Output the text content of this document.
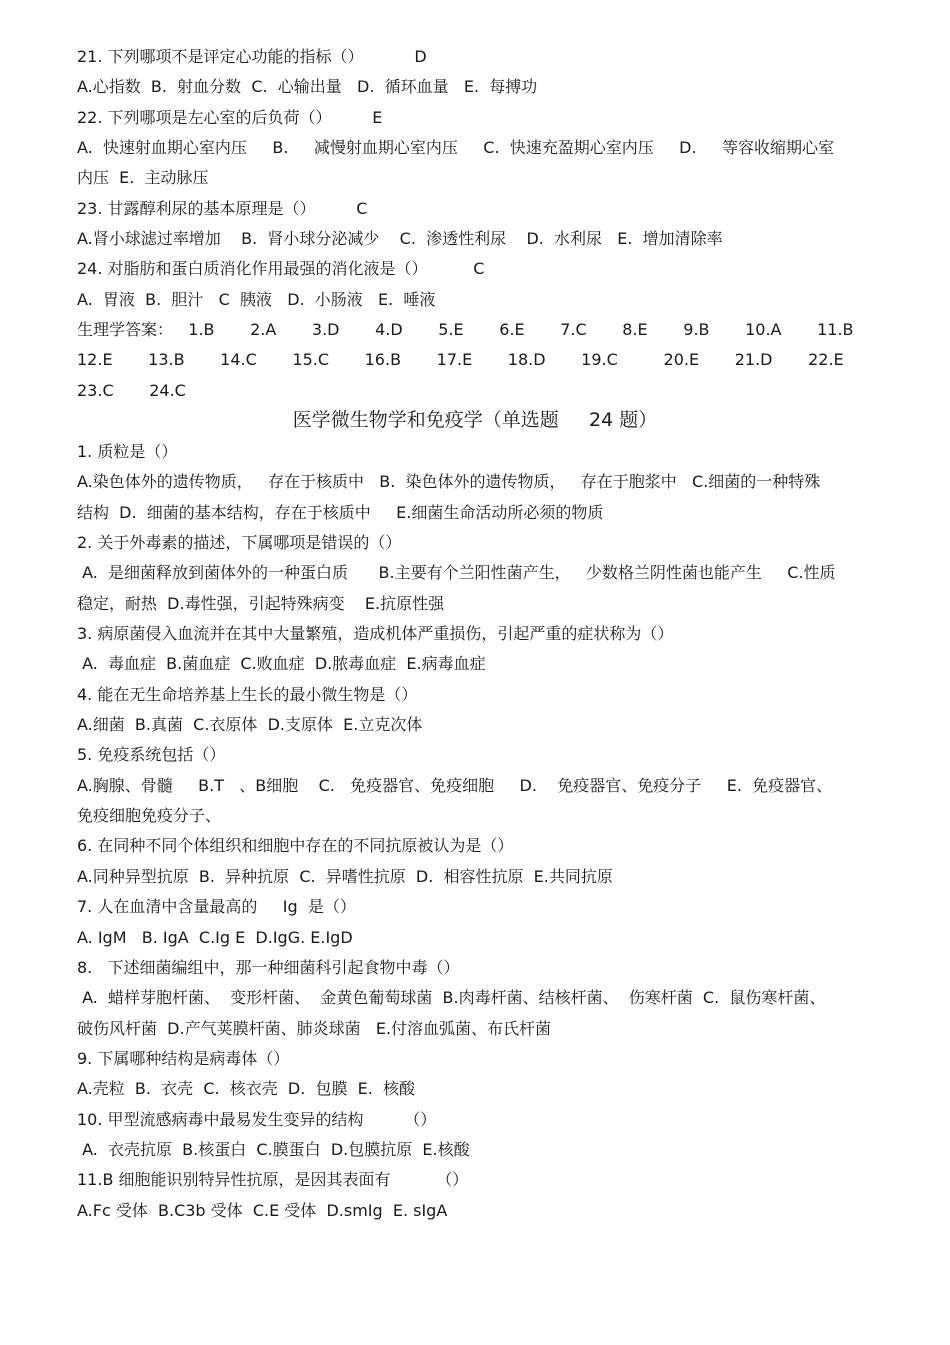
21. 下列哪项不是评定心功能的指标（）          D
A.心指数  B.  射血分数  C.  心输出量   D.  循环血量   E.  每搏功
22. 下列哪项是左心室的后负荷（）        E
A.  快速射血期心室内压     B.     减慢射血期心室内压     C.  快速充盈期心室内压     D.     等容收缩期心室
内压  E.  主动脉压
23. 甘露醇利尿的基本原理是（）        C
A.肾小球滤过率增加    B.  肾小球分泌减少    C.  渗透性利尿    D.  水利尿   E.  增加清除率
24. 对脂肪和蛋白质消化作用最强的消化液是（）         C
A.  胃液  B.  胆汁   C  胰液   D.  小肠液   E.  唾液
生理学答案：   1.B       2.A       3.D       4.D       5.E       6.E       7.C       8.E       9.B       10.A       11.B
12.E       13.B       14.C       15.C       16.B       17.E       18.D       19.C         20.E       21.D       22.E
23.C       24.C
医学微生物学和免疫学（单选题     24 题）
1. 质粒是（）
A.染色体外的遗传物质，   存在于核质中   B.  染色体外的遗传物质，   存在于胞浆中   C.细菌的一种特殊
结构  D.  细菌的基本结构，存在于核质中     E.细菌生命活动所必须的物质
2. 关于外毒素的描述，下属哪项是错误的（）
A.  是细菌释放到菌体外的一种蛋白质      B.主要有个兰阳性菌产生，   少数格兰阴性菌也能产生     C.性质
稳定，耐热  D.毒性强，引起特殊病变    E.抗原性强
3. 病原菌侵入血流并在其中大量繁殖，造成机体严重损伤，引起严重的症状称为（）
A.  毒血症  B.菌血症  C.败血症  D.脓毒血症  E.病毒血症
4. 能在无生命培养基上生长的最小微生物是（）
A.细菌  B.真菌  C.衣原体  D.支原体  E.立克次体
5. 免疫系统包括（）
A.胸腺、骨髓     B.T   、B细胞    C.   免疫器官、免疫细胞     D.    免疫器官、免疫分子     E.  免疫器官、
免疫细胞免疫分子、
6. 在同种不同个体组织和细胞中存在的不同抗原被认为是（）
A.同种异型抗原  B.  异种抗原  C.  异嗜性抗原  D.  相容性抗原  E.共同抗原
7. 人在血清中含量最高的     Ig  是（）
A. IgM   B. IgA  C.Ig E  D.IgG. E.IgD
8.   下述细菌编组中，那一种细菌科引起食物中毒（）
A.  蜡样芽胞杆菌、  变形杆菌、  金黄色葡萄球菌  B.肉毒杆菌、结核杆菌、  伤寒杆菌  C.  鼠伤寒杆菌、
破伤风杆菌  D.产气荚膜杆菌、肺炎球菌   E.付溶血弧菌、布氏杆菌
9. 下属哪种结构是病毒体（）
A.壳粒  B.  衣壳  C.  核衣壳  D.  包膜  E.  核酸
10. 甲型流感病毒中最易发生变异的结构        （）
A.  衣壳抗原  B.核蛋白  C.膜蛋白  D.包膜抗原  E.核酸
11.B 细胞能识别特异性抗原，是因其表面有         （）
A.Fc 受体  B.C3b 受体  C.E 受体  D.smIg  E. sIgA
